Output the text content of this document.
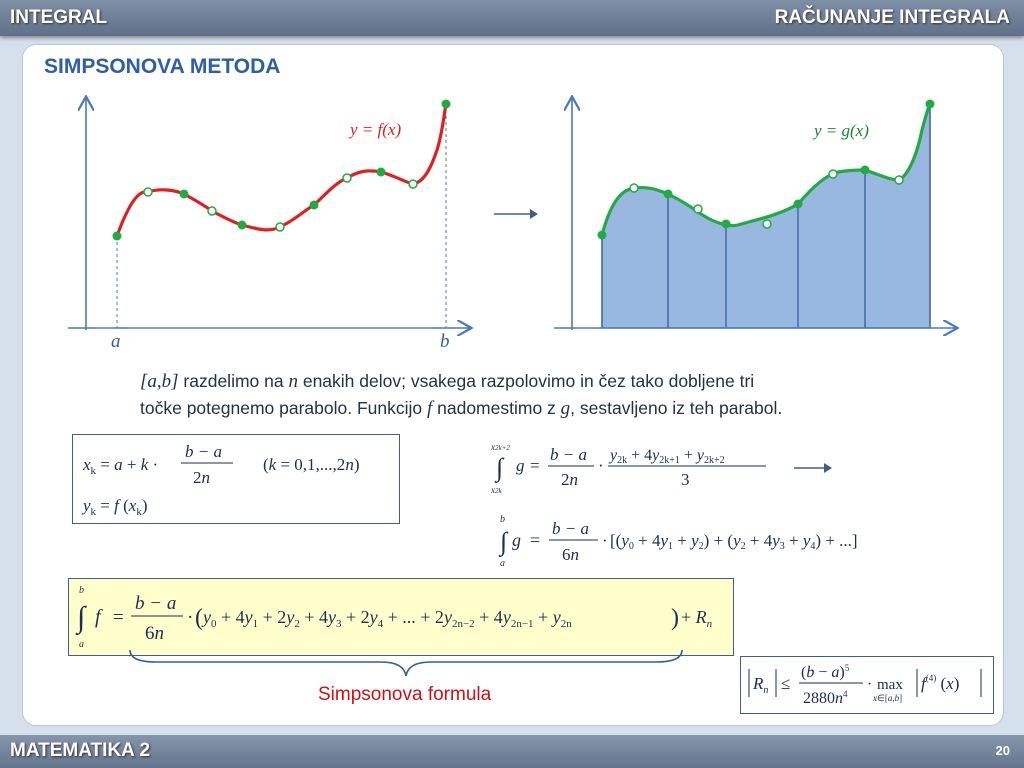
INTEGRAL	RAČUNANJE INTEGRALA
SIMPSONOVA METODA
y = f(x)
a	b
y = g(x)
[a,b] razdelimo na n enakih delov; vsakega razpolovimo in čez tako dobljene tri
točke potegnemo parabolo. Funkcijo f nadomestimo z g, sestavljeno iz teh parabol.
$x_k = a + k$ ·
b − a
2n
(k = 0,1,...,2n)
$y_k = f$ $(x_k)$
x2k+2
∫
x2k
g =
b − a
2n
·
y2k + 4y2k+1 + y2k+2
3
b
∫
a
g =
b − a
6n
· [(y0 + 4y1 + y2) + (y2 + 4y3 + y4) + ...]
b
∫
a
f =
b − a
6n
· ( $y_0 + 4y_1 + 2y_2 + 4y_3 + 2y_4$ + ... + $2y_{2n-2} + 4y_{2n-1} + y_{2n}$	) + $R_n$
Simpsonova formula
$R_n$ ≤
$(b - a)^5$
$2880n^4$
· max
x∈[a,b]
$f^{(4)}$ (x)
MATEMATIKA 2	20
